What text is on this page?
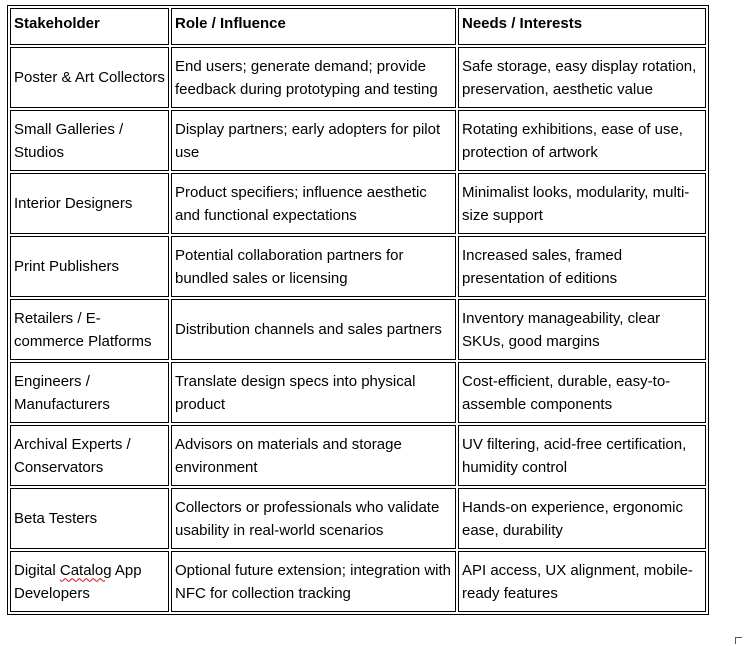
Stakeholder	Role / Influence	Needs / Interests
Poster & Art Collectors	End users; generate demand; provide feedback during prototyping and testing	Safe storage, easy display rotation, preservation, aesthetic value
Small Galleries / Studios	Display partners; early adopters for pilot use	Rotating exhibitions, ease of use, protection of artwork
Interior Designers	Product specifiers; influence aesthetic and functional expectations	Minimalist looks, modularity, multi-size support
Print Publishers	Potential collaboration partners for bundled sales or licensing	Increased sales, framed presentation of editions
Retailers / E-commerce Platforms	Distribution channels and sales partners	Inventory manageability, clear SKUs, good margins
Engineers / Manufacturers	Translate design specs into physical product	Cost-efficient, durable, easy-to-assemble components
Archival Experts / Conservators	Advisors on materials and storage environment	UV filtering, acid-free certification, humidity control
Beta Testers	Collectors or professionals who validate usability in real-world scenarios	Hands-on experience, ergonomic ease, durability
Digital Catalog App Developers	Optional future extension; integration with NFC for collection tracking	API access, UX alignment, mobile-ready features
